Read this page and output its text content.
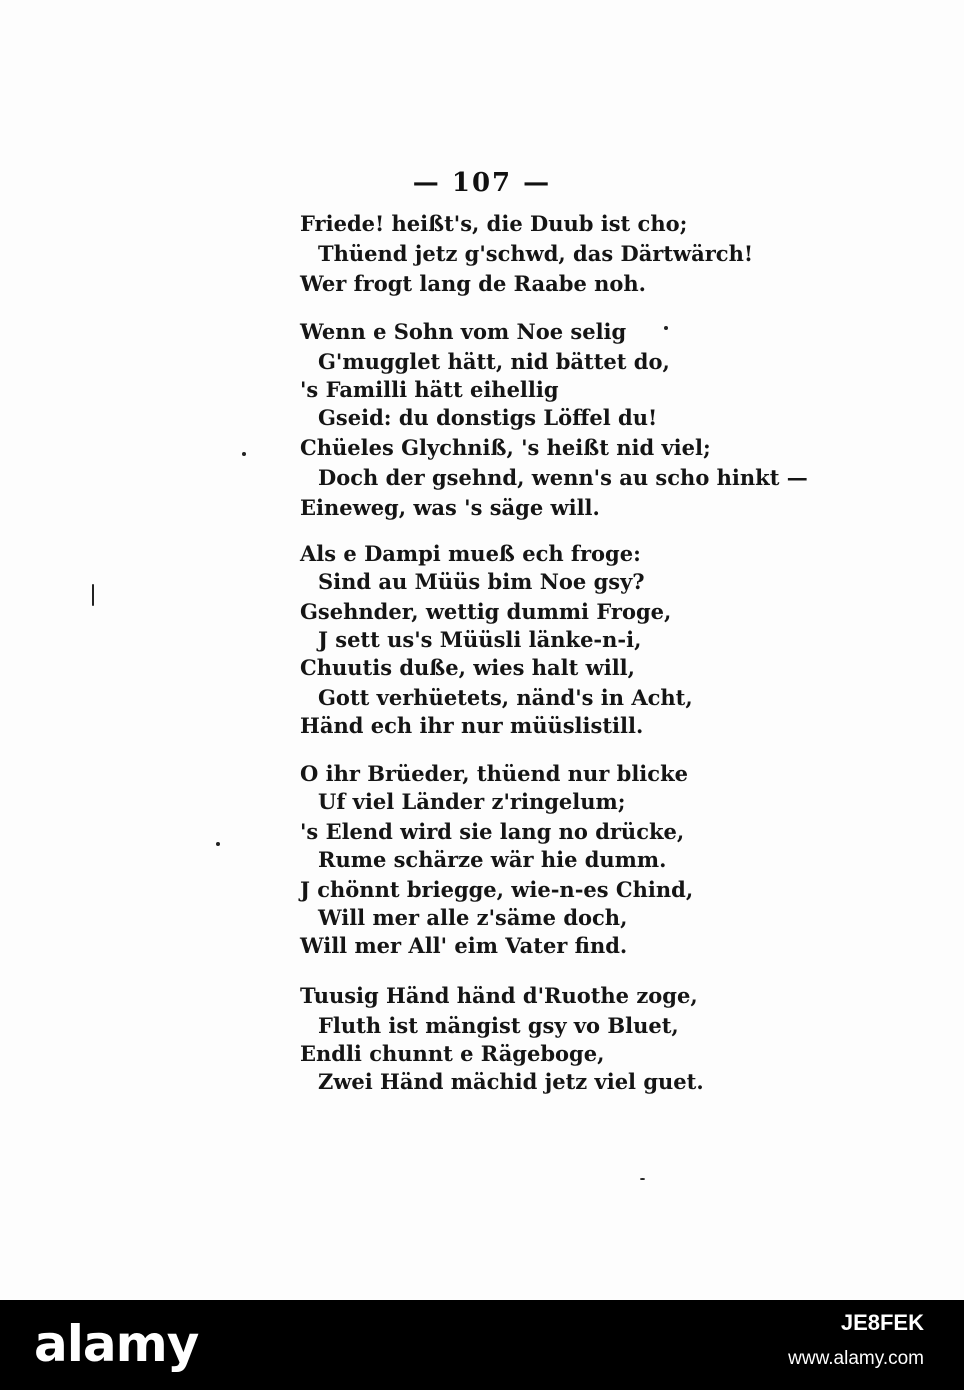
— 107 —
Friede! heißt's, die Duub ist cho;
Thüend jetz g'schwd, das Därtwärch!
Wer frogt lang de Raabe noh.
Wenn e Sohn vom Noe selig
G'mugglet hätt, nid bättet do,
's Familli hätt eihellig
Gseid: du donstigs Löffel du!
Chüeles Glychniß, 's heißt nid viel;
Doch der gsehnd, wenn's au scho hinkt —
Eineweg, was 's säge will.
Als e Dampi mueß ech froge:
Sind au Müüs bim Noe gsy?
Gsehnder, wettig dummi Froge,
J sett us's Müüsli länke-n-i,
Chuutis duße, wies halt will,
Gott verhüetets, nänd's in Acht,
Händ ech ihr nur müüslistill.
O ihr Brüeder, thüend nur blicke
Uf viel Länder z'ringelum;
's Elend wird sie lang no drücke,
Rume schärze wär hie dumm.
J chönnt briegge, wie-n-es Chind,
Will mer alle z'säme doch,
Will mer All' eim Vater find.
Tuusig Händ händ d'Ruothe zoge,
Fluth ist mängist gsy vo Bluet,
Endli chunnt e Rägeboge,
Zwei Händ mächid jetz viel guet.
alamy	JE8FEK
www.alamy.com
